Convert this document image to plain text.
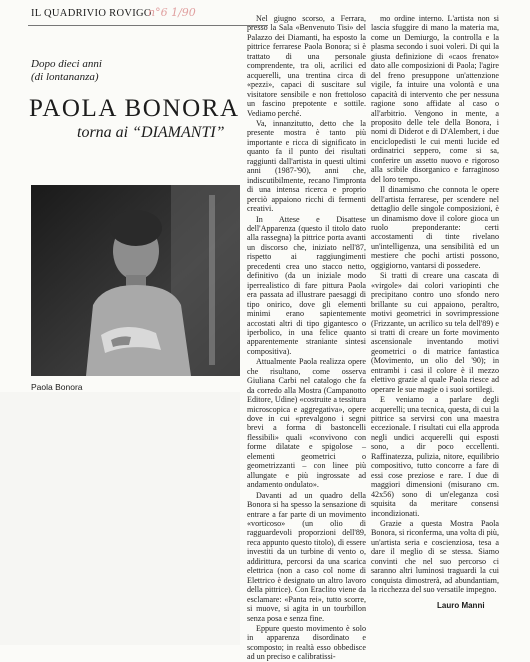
IL QUADRIVIO ROVIGO
n°6 1/90
Dopo dieci anni
(di lontananza)
PAOLA BONORA
torna ai “DIAMANTI”
Paola Bonora

Nel giugno scorso, a Ferrara, presso la Sala «Benvenuto Tisi» del Palazzo dei Diamanti, ha esposto la pittrice ferrarese Paola Bonora; si è trattato di una personale comprendente, tra oli, acrilici ed acquerelli, una trentina circa di «pezzi», capaci di suscitare sul visitatore sensibile e non frettoloso un fascino prepotente e sottile. Vediamo perché.

Va, innanzitutto, detto che la presente mostra è tanto più importante e ricca di significato in quanto fa il punto dei risultati raggiunti dall'artista in questi ultimi anni (1987-'90), anni che, indiscutibilmente, recano l'impronta di una intensa ricerca e proprio perciò appaiono ricchi di fermenti creativi.

In Attese e Disattese dell'Apparenza (questo il titolo dato alla rassegna) la pittrice porta avanti un discorso che, iniziato nell'87, rispetto ai raggiungimenti precedenti crea uno stacco netto, definitivo (da un iniziale modo iperrealistico di fare pittura Paola era passata ad illustrare paesaggi di tipo onirico, dove gli elementi minimi erano sapientemente accostati altri di tipo gigantesco o iperbolico, in una felice quanto apparentemente straniante sintesi compositiva).

Attualmente Paola realizza opere che risultano, come osserva Giuliana Carbi nel catalogo che fa da corredo alla Mostra (Campanotto Editore, Udine) «costruite a tessitura microscopica e aggregativa», opere dove in cui «prevalgono i segni brevi a forma di bastoncelli flessibili» quali «convivono con forme dilatate e spigolose – elementi geometrici o geometrizzanti – con linee più allungate e più ingrossate ad andamento ondulato».

Davanti ad un quadro della Bonora si ha spesso la sensazione di entrare a far parte di un movimento «vorticoso» (un olio di ragguardevoli proporzioni dell'89, reca appunto questo titolo), di essere investiti da un turbine di vento o, addirittura, percorsi da una scarica elettrica (non a caso col nome di Elettrico è designato un altro lavoro della pittrice). Con Eraclito viene da esclamare: «Panta rei», tutto scorre, si muove, si agita in un tourbillon senza posa e senza fine.

Eppure questo movimento è solo in apparenza disordinato e scomposto; in realtà esso obbedisce ad un preciso e calibratissi-

mo ordine interno. L'artista non si lascia sfuggire di mano la materia ma, come un Demiurgo, la controlla e la plasma secondo i suoi voleri. Di qui la giusta definizione di «caos frenato» dato alle composizioni di Paola; l'agire del freno presuppone un'attenzione vigile, fa intuire una volontà e una capacità di intervento che per nessuna ragione sono affidate al caso o all'arbitrio. Vengono in mente, a proposito delle tele della Bonora, i nomi di Diderot e di D'Alembert, i due enciclopedisti le cui menti lucide ed ordinatrici seppero, come si sa, conferire un assetto nuovo e rigoroso alla scibile disorganico e farraginoso del loro tempo.

Il dinamismo che connota le opere dell'artista ferrarese, per scendere nel dettaglio delle singole composizioni, è un dinamismo dove il colore gioca un ruolo preponderante: certi accostamenti di tinte rivelano un'intelligenza, una sensibilità ed un mestiere che pochi artisti possono, oggigiorno, vantarsi di possedere.

Si tratti di creare una cascata di «virgole» dai colori variopinti che precipitano contro uno sfondo nero brillante su cui appaiono, peraltro, motivi geometrici in sovrimpressione (Frizzante, un acrilico su tela dell'89) e si tratti di creare un forte movimento ascensionale inventando motivi geometrici o di matrice fantastica (Movimento, un olio del '90); in entrambi i casi il colore è il mezzo elettivo grazie al quale Paola riesce ad operare le sue magie o i suoi sortilegi.

E veniamo a parlare degli acquerelli; una tecnica, questa, di cui la pittrice sa servirsi con una maestra eccezionale. I risultati cui ella approda negli undici acquerelli qui esposti sono, a dir poco eccellenti. Raffinatezza, pulizia, nitore, equilibrio compositivo, tutto concorre a fare di essi cose preziose e rare. I due di maggiori dimensioni (misurano cm. 42x56) sono di un'eleganza così squisita da meritare consensi incondizionati.

Grazie a questa Mostra Paola Bonora, si riconferma, una volta di più, un'artista seria e coscienziosa, tesa a dare il meglio di se stessa. Siamo convinti che nel suo percorso ci saranno altri luminosi traguardi la cui conquista dimostrerà, ad abundantiam, la ricchezza del suo versatile impegno.

Lauro Manni
